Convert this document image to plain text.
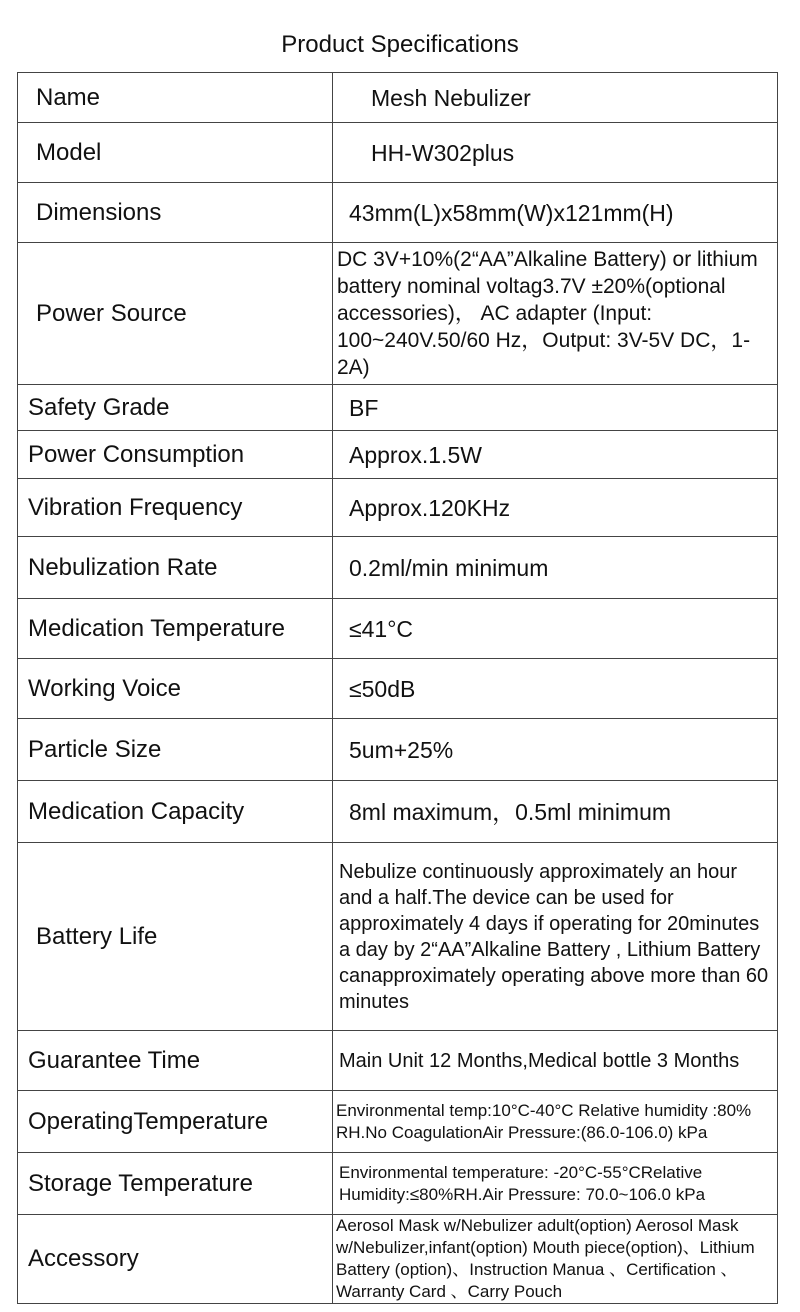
Product Specifications
Name	Mesh Nebulizer
Model	HH-W302plus
Dimensions	43mm(L)x58mm(W)x121mm(H)
Power Source	DC 3V+10%(2“AA”Alkaline Battery) or lithium battery nominal voltag3.7V ±20%(optional accessories)， AC adapter (Input: 100~240V.50/60 Hz，Output: 3V-5V DC，1-2A)
Safety Grade	BF
Power Consumption	Approx.1.5W
Vibration Frequency	Approx.120KHz
Nebulization Rate	0.2ml/min minimum
Medication Temperature	≤41°C
Working Voice	≤50dB
Particle Size	5um+25%
Medication Capacity	8ml maximum，0.5ml minimum
Battery Life	Nebulize continuously approximately an hour and a half.The device can be used for approximately 4 days if operating for 20minutes a day by 2“AA”Alkaline Battery , Lithium Battery canapproximately operating above more than 60 minutes
Guarantee Time	Main Unit 12 Months,Medical bottle 3 Months
OperatingTemperature	Environmental temp:10°C-40°C Relative humidity :80% RH.No CoagulationAir Pressure:(86.0-106.0) kPa
Storage Temperature	Environmental temperature: -20°C-55°CRelative Humidity:≤80%RH.Air Pressure: 70.0~106.0 kPa
Accessory	Aerosol Mask w/Nebulizer adult(option) Aerosol Mask w/Nebulizer,infant(option) Mouth piece(option)、Lithium Battery (option)、Instruction Manua 、Certification 、 Warranty Card 、Carry Pouch
